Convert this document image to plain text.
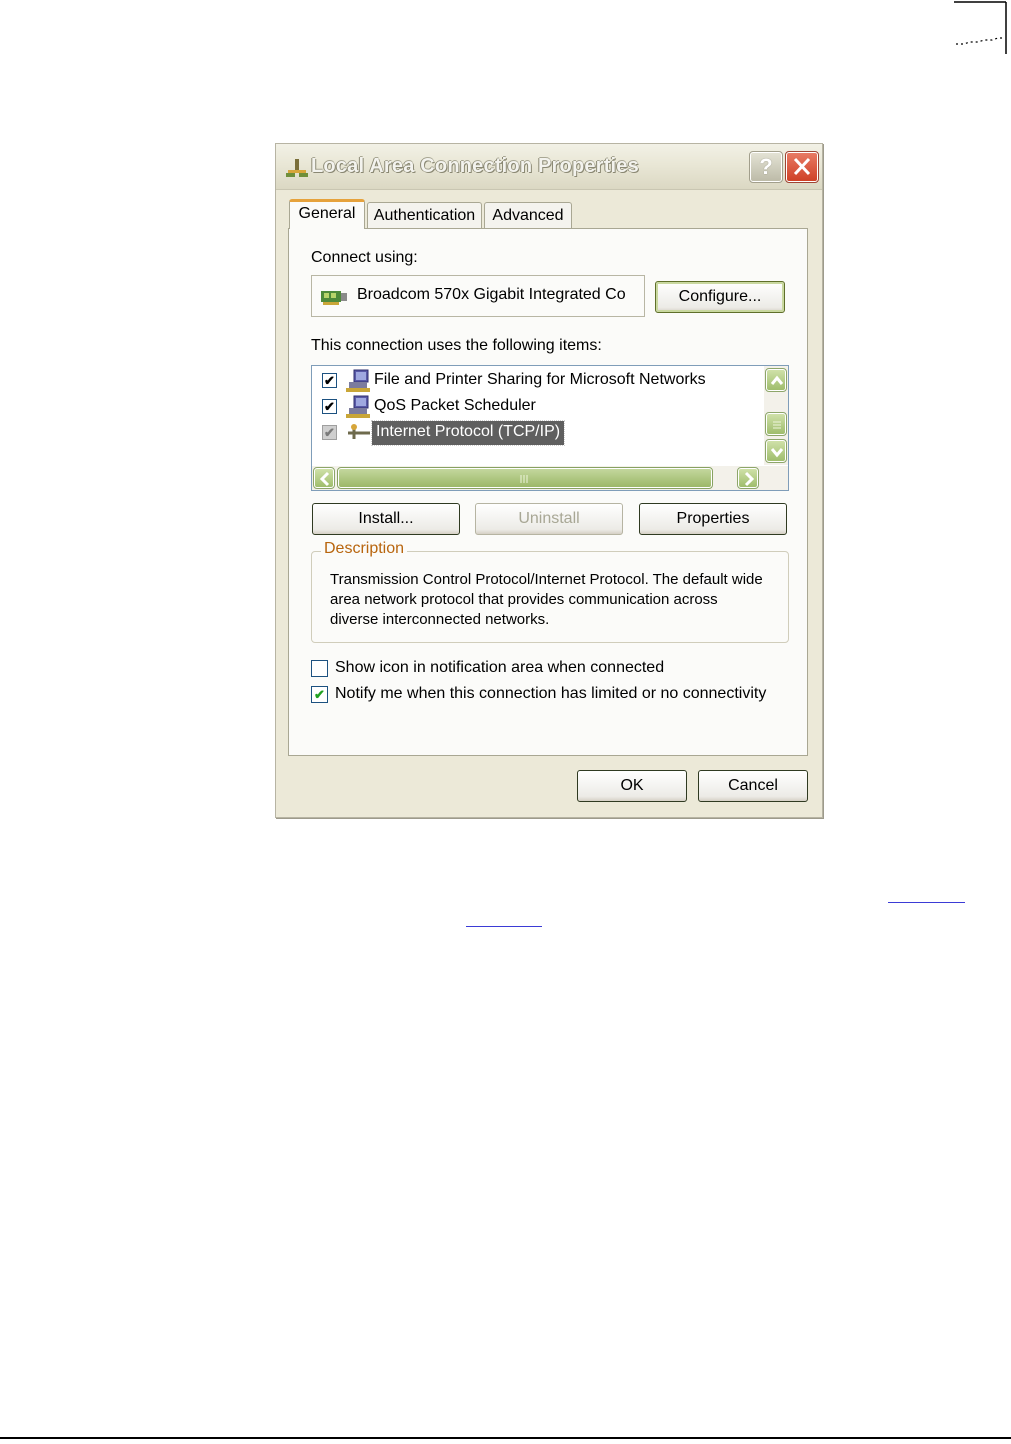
Local Area Connection Properties	?
General	Authentication	Advanced
Connect using:
Broadcom 570x Gigabit Integrated Co	Configure...
This connection uses the following items:
✔ File and Printer Sharing for Microsoft Networks
✔ QoS Packet Scheduler
✔	Internet Protocol (TCP/IP)
Install...	Uninstall	Properties
Description
Transmission Control Protocol/Internet Protocol. The default wide area network protocol that provides communication across diverse interconnected networks.
Show icon in notification area when connected
✔ Notify me when this connection has limited or no connectivity
OK	Cancel
